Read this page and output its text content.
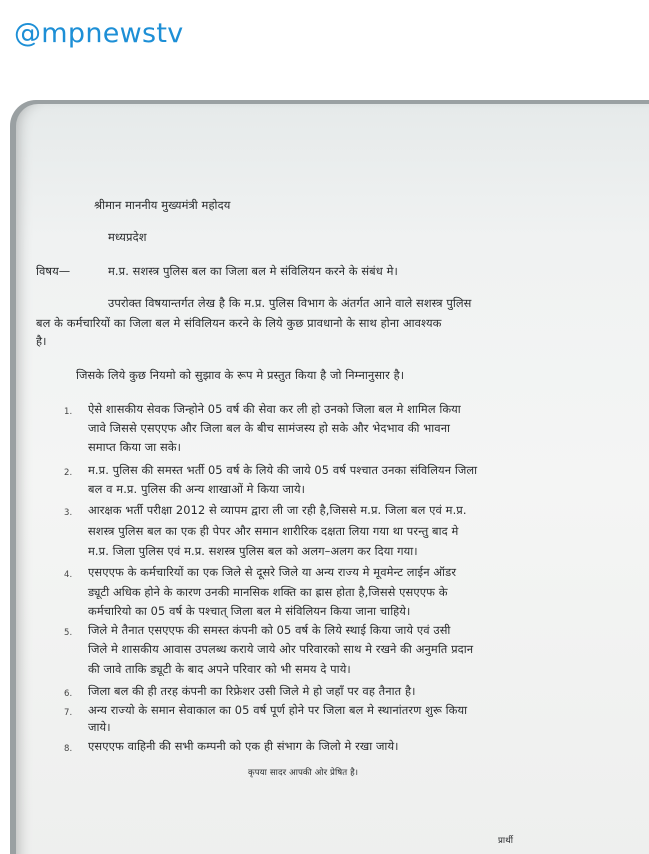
@mpnewstv
श्रीमान माननीय मुख्यमंत्री महोदय
मध्यप्रदेश
विषय—	म.प्र. सशस्त्र पुलिस बल का जिला बल मे संविलियन करने के संबंध मे।
उपरोक्त विषयान्तर्गत लेख है कि म.प्र. पुलिस विभाग के अंतर्गत आने वाले सशस्त्र पुलिस
बल के कर्मचारियों का जिला बल मे संविलियन करने के लिये कुछ प्रावधानो के साथ होना आवश्यक
है।
जिसके लिये कुछ नियमो को सुझाव के रूप मे प्रस्तुत किया है जो निम्नानुसार है।
1. ऐसे शासकीय सेवक जिन्होने 05 वर्ष की सेवा कर ली हो उनको जिला बल मे शामिल किया
जावे जिससे एसएएफ और जिला बल के बीच सामंजस्य हो सके और भेदभाव की भावना
समाप्त किया जा सके।
2. म.प्र. पुलिस की समस्त भर्ती 05 वर्ष के लिये की जाये 05 वर्ष पश्चात उनका संविलियन जिला
बल व म.प्र. पुलिस की अन्य शाखाओं मे किया जाये।
3. आरक्षक भर्ती परीक्षा 2012 से व्यापम द्वारा ली जा रही है,जिससे म.प्र. जिला बल एवं म.प्र.
सशस्त्र पुलिस बल का एक ही पेपर और समान शारीरिक दक्षता लिया गया था परन्तु बाद मे
म.प्र. जिला पुलिस एवं म.प्र. सशस्त्र पुलिस बल को अलग–अलग कर दिया गया।
4. एसएएफ के कर्मचारियों का एक जिले से दूसरे जिले या अन्य राज्य मे मूवमेन्ट लाईन ऑडर
ड्यूटी अधिक होने के कारण उनकी मानसिक शक्ति का ह्रास होता है,जिससे एसएएफ के
कर्मचारियो का 05 वर्ष के पश्चात् जिला बल मे संविलियन किया जाना चाहिये।
5. जिले मे तैनात एसएएफ की समस्त कंपनी को 05 वर्ष के लिये स्थाई किया जाये एवं उसी
जिले मे शासकीय आवास उपलब्ध कराये जाये ओर परिवारको साथ मे रखने की अनुमति प्रदान
की जावे ताकि ड्यूटी के बाद अपने परिवार को भी समय दे पाये।
6. जिला बल की ही तरह कंपनी का रिफ्रेशर उसी जिले मे हो जहाँ पर वह तैनात है।
7. अन्य राज्यो के समान सेवाकाल का 05 वर्ष पूर्ण होने पर जिला बल मे स्थानांतरण शुरू किया
जाये।
8. एसएएफ वाहिनी की सभी कम्पनी को एक ही संभाग के जिलो मे रखा जाये।
कृपया सादर आपकी ओर प्रेषित है।
प्रार्थी
